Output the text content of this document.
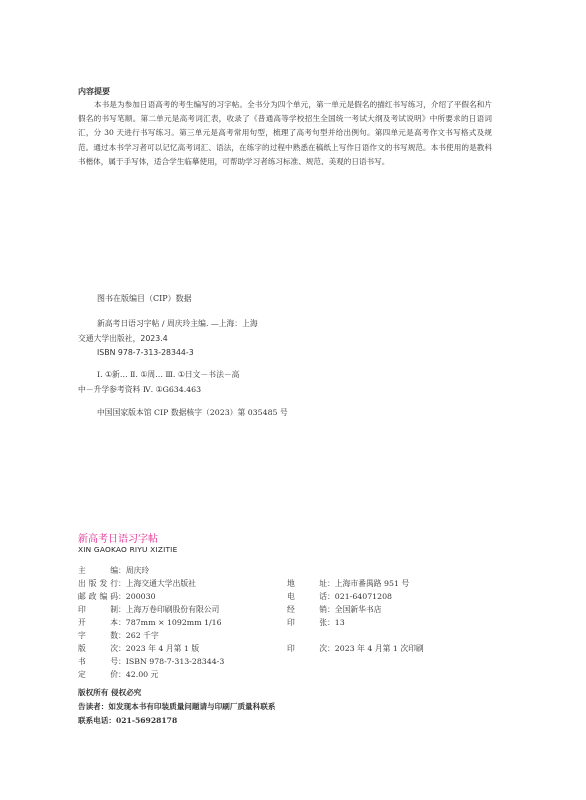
内容提要
本书是为参加日语高考的考生编写的习字帖。全书分为四个单元，第一单元是假名的描红书写练习，介绍了平假名和片假名的书写笔顺。第二单元是高考词汇表，收录了《普通高等学校招生全国统一考试大纲及考试说明》中所要求的日语词汇，分 30 天进行书写练习。第三单元是高考常用句型，梳理了高考句型并给出例句。第四单元是高考作文书写格式及规范。通过本书学习者可以记忆高考词汇、语法，在练字的过程中熟悉在稿纸上写作日语作文的书写规范。本书使用的是教科书楷体，属于手写体，适合学生临摹使用，可帮助学习者练习标准、规范、美观的日语书写。
图书在版编目（CIP）数据
新高考日语习字帖 / 周庆玲主编. —上海：上海
交通大学出版社，2023.4
ISBN 978-7-313-28344-3
Ⅰ. ①新… Ⅱ. ①周… Ⅲ. ①日文－书法－高
中－升学参考资料 Ⅳ. ①G634.463
中国国家版本馆 CIP 数据核字（2023）第 035485 号
新高考日语习字帖
XIN GAOKAO RIYU XIZITIE
主　　编：周庆玲
出版发行：上海交通大学出版社
邮政编码：200030
印　　制：上海万卷印刷股份有限公司
开　　本：787mm × 1092mm 1/16
字　　数：262 千字
版　　次：2023 年 4 月第 1 版
书　　号：ISBN 978-7-313-28344-3
定　　价：42.00 元
地　　址：上海市番禺路 951 号
电　　话：021-64071208
经　　销：全国新华书店
印　　张：13
印　　次：2023 年 4 月第 1 次印刷
版权所有 侵权必究
告读者：如发现本书有印装质量问题请与印刷厂质量科联系
联系电话：021-56928178
